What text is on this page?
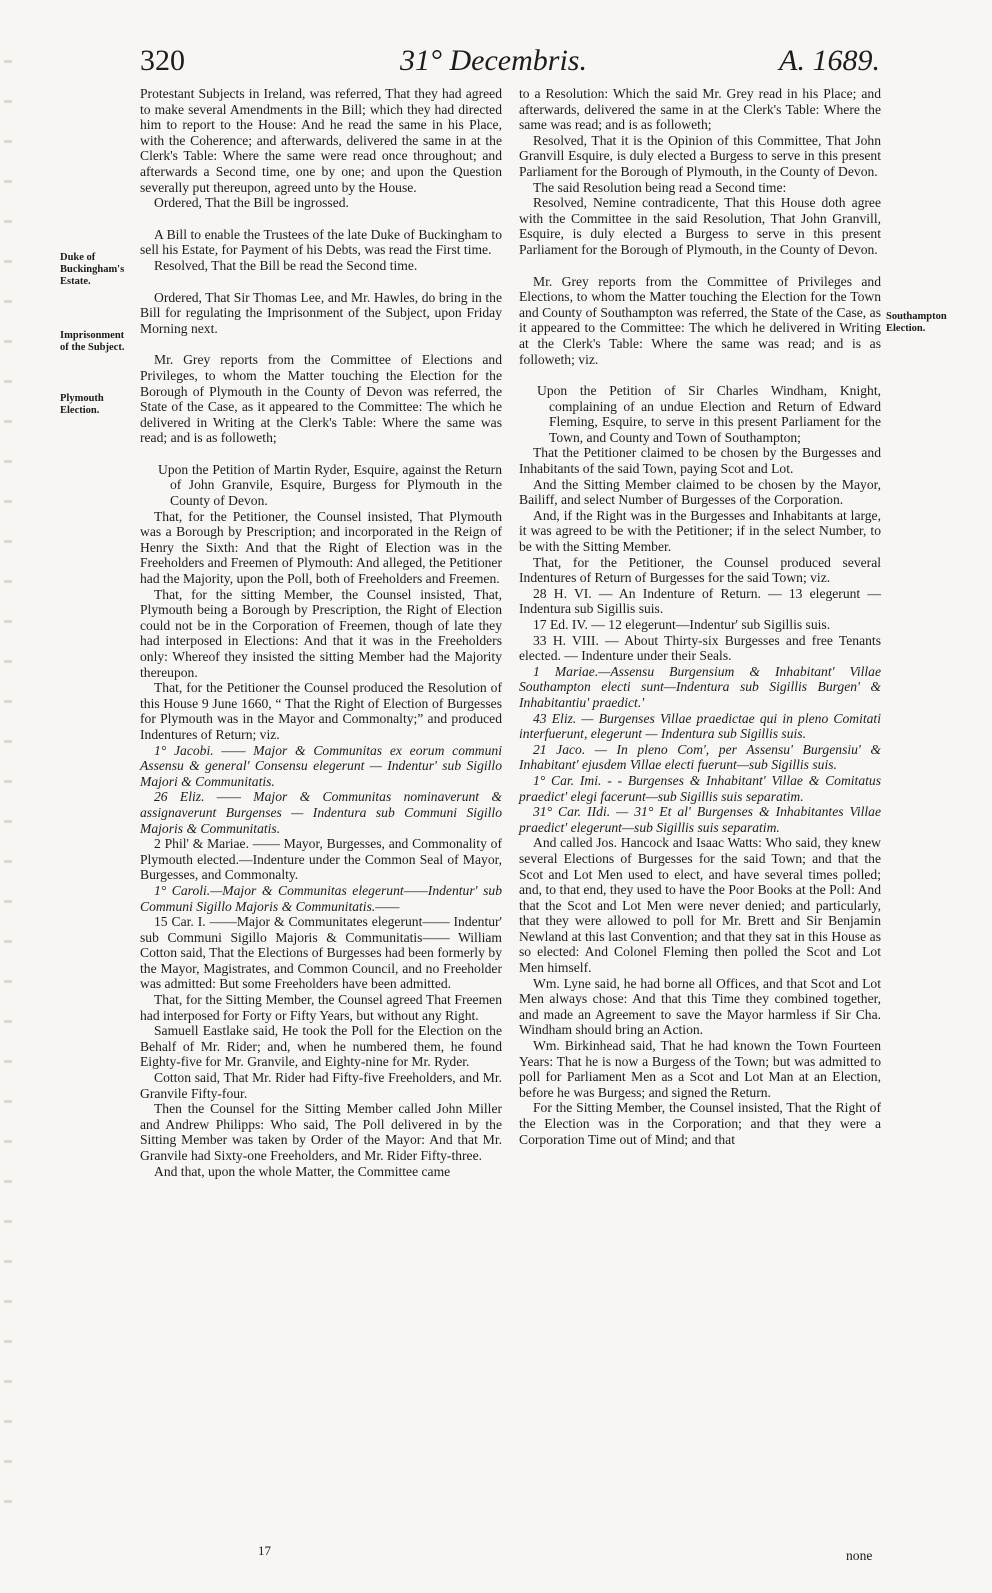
320	31° Decembris.	A. 1689.
Duke of Buckingham's Estate.
Imprisonment of the Subject.
Plymouth Election.
Southampton Election.

Protestant Subjects in Ireland, was referred, That they had agreed to make several Amendments in the Bill; which they had directed him to report to the House: And he read the same in his Place, with the Coherence; and afterwards, delivered the same in at the Clerk's Table: Where the same were read once throughout; and afterwards a Second time, one by one; and upon the Question severally put thereupon, agreed unto by the House.

Ordered, That the Bill be ingrossed.

A Bill to enable the Trustees of the late Duke of Buckingham to sell his Estate, for Payment of his Debts, was read the First time.

Resolved, That the Bill be read the Second time.

Ordered, That Sir Thomas Lee, and Mr. Hawles, do bring in the Bill for regulating the Imprisonment of the Subject, upon Friday Morning next.

Mr. Grey reports from the Committee of Elections and Privileges, to whom the Matter touching the Election for the Borough of Plymouth in the County of Devon was referred, the State of the Case, as it appeared to the Committee: The which he delivered in Writing at the Clerk's Table: Where the same was read; and is as followeth;

Upon the Petition of Martin Ryder, Esquire, against the Return of John Granvile, Esquire, Burgess for Plymouth in the County of Devon.

That, for the Petitioner, the Counsel insisted, That Plymouth was a Borough by Prescription; and incorporated in the Reign of Henry the Sixth: And that the Right of Election was in the Freeholders and Freemen of Plymouth: And alleged, the Petitioner had the Majority, upon the Poll, both of Freeholders and Freemen.

That, for the sitting Member, the Counsel insisted, That, Plymouth being a Borough by Prescription, the Right of Election could not be in the Corporation of Freemen, though of late they had interposed in Elections: And that it was in the Freeholders only: Whereof they insisted the sitting Member had the Majority thereupon.

That, for the Petitioner the Counsel produced the Resolution of this House 9 June 1660, “ That the Right of Election of Burgesses for Plymouth was in the Mayor and Commonalty;” and produced Indentures of Return; viz.

1° Jacobi. —— Major & Communitas ex eorum communi Assensu & general' Consensu elegerunt — Indentur' sub Sigillo Majori & Communitatis.

26 Eliz. —— Major & Communitas nominaverunt & assignaverunt Burgenses — Indentura sub Communi Sigillo Majoris & Communitatis.

2 Phil' & Mariae. —— Mayor, Burgesses, and Commonality of Plymouth elected.—Indenture under the Common Seal of Mayor, Burgesses, and Commonalty.

1° Caroli.—Major & Communitas elegerunt——Indentur' sub Communi Sigillo Majoris & Communitatis.——

15 Car. I. ——Major & Communitates elegerunt—— Indentur' sub Communi Sigillo Majoris & Communitatis—— William Cotton said, That the Elections of Burgesses had been formerly by the Mayor, Magistrates, and Common Council, and no Freeholder was admitted: But some Freeholders have been admitted.

That, for the Sitting Member, the Counsel agreed That Freemen had interposed for Forty or Fifty Years, but without any Right.

Samuell Eastlake said, He took the Poll for the Election on the Behalf of Mr. Rider; and, when he numbered them, he found Eighty-five for Mr. Granvile, and Eighty-nine for Mr. Ryder.

Cotton said, That Mr. Rider had Fifty-five Freeholders, and Mr. Granvile Fifty-four.

Then the Counsel for the Sitting Member called John Miller and Andrew Philipps: Who said, The Poll delivered in by the Sitting Member was taken by Order of the Mayor: And that Mr. Granvile had Sixty-one Freeholders, and Mr. Rider Fifty-three.

And that, upon the whole Matter, the Committee came

to a Resolution: Which the said Mr. Grey read in his Place; and afterwards, delivered the same in at the Clerk's Table: Where the same was read; and is as followeth;

Resolved, That it is the Opinion of this Committee, That John Granvill Esquire, is duly elected a Burgess to serve in this present Parliament for the Borough of Plymouth, in the County of Devon.

The said Resolution being read a Second time:

Resolved, Nemine contradicente, That this House doth agree with the Committee in the said Resolution, That John Granvill, Esquire, is duly elected a Burgess to serve in this present Parliament for the Borough of Plymouth, in the County of Devon.

Mr. Grey reports from the Committee of Privileges and Elections, to whom the Matter touching the Election for the Town and County of Southampton was referred, the State of the Case, as it appeared to the Committee: The which he delivered in Writing at the Clerk's Table: Where the same was read; and is as followeth; viz.

Upon the Petition of Sir Charles Windham, Knight, complaining of an undue Election and Return of Edward Fleming, Esquire, to serve in this present Parliament for the Town, and County and Town of Southampton;

That the Petitioner claimed to be chosen by the Burgesses and Inhabitants of the said Town, paying Scot and Lot.

And the Sitting Member claimed to be chosen by the Mayor, Bailiff, and select Number of Burgesses of the Corporation.

And, if the Right was in the Burgesses and Inhabitants at large, it was agreed to be with the Petitioner; if in the select Number, to be with the Sitting Member.

That, for the Petitioner, the Counsel produced several Indentures of Return of Burgesses for the said Town; viz.

28 H. VI. — An Indenture of Return. — 13 elegerunt — Indentura sub Sigillis suis.

17 Ed. IV. — 12 elegerunt—Indentur' sub Sigillis suis.

33 H. VIII. — About Thirty-six Burgesses and free Tenants elected. — Indenture under their Seals.

1 Mariae.—Assensu Burgensium & Inhabitant' Villae Southampton electi sunt—Indentura sub Sigillis Burgen' & Inhabitantiu' praedict.'

43 Eliz. — Burgenses Villae praedictae qui in pleno Comitati interfuerunt, elegerunt — Indentura sub Sigillis suis.

21 Jaco. — In pleno Com', per Assensu' Burgensiu' & Inhabitant' ejusdem Villae electi fuerunt—sub Sigillis suis.

1° Car. Imi. - - Burgenses & Inhabitant' Villae & Comitatus praedict' elegi facerunt—sub Sigillis suis separatim.

31° Car. IIdi. — 31° Et al' Burgenses & Inhabitantes Villae praedict' elegerunt—sub Sigillis suis separatim.

And called Jos. Hancock and Isaac Watts: Who said, they knew several Elections of Burgesses for the said Town; and that the Scot and Lot Men used to elect, and have several times polled; and, to that end, they used to have the Poor Books at the Poll: And that the Scot and Lot Men were never denied; and particularly, that they were allowed to poll for Mr. Brett and Sir Benjamin Newland at this last Convention; and that they sat in this House as so elected: And Colonel Fleming then polled the Scot and Lot Men himself.

Wm. Lyne said, he had borne all Offices, and that Scot and Lot Men always chose: And that this Time they combined together, and made an Agreement to save the Mayor harmless if Sir Cha. Windham should bring an Action.

Wm. Birkinhead said, That he had known the Town Fourteen Years: That he is now a Burgess of the Town; but was admitted to poll for Parliament Men as a Scot and Lot Man at an Election, before he was Burgess; and signed the Return.

For the Sitting Member, the Counsel insisted, That the Right of the Election was in the Corporation; and that they were a Corporation Time out of Mind; and that

17	none
